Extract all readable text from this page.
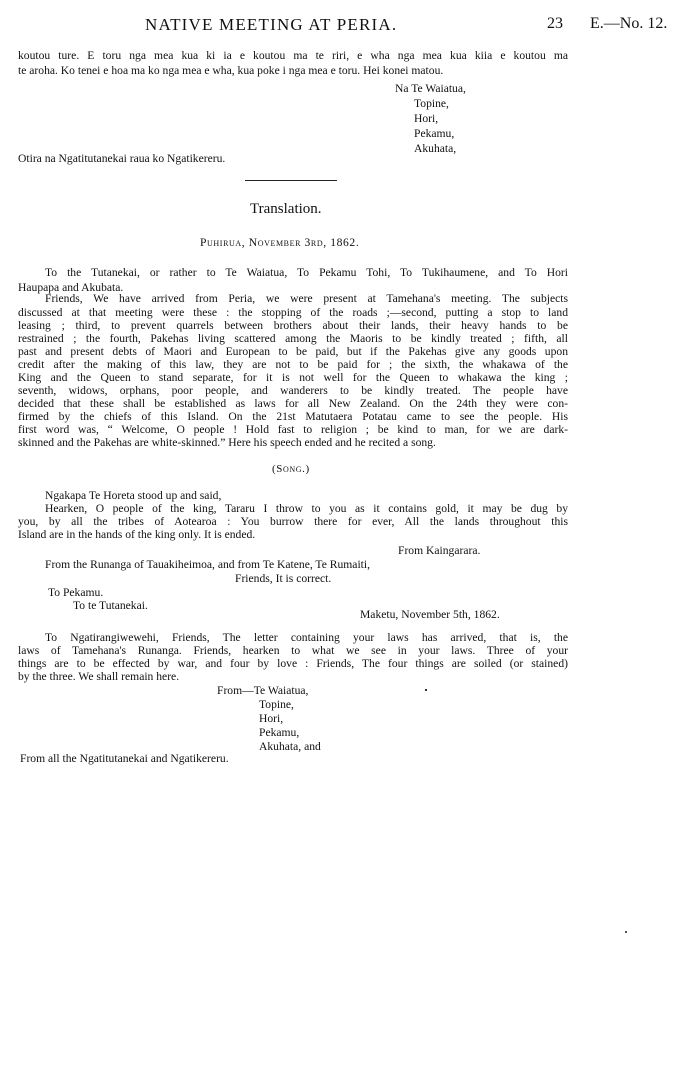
NATIVE MEETING AT PERIA.	23 E.—No. 12.
koutou ture. E toru nga mea kua ki ia e koutou ma te riri, e wha nga mea kua kiia e koutou ma
te aroha. Ko tenei e hoa ma ko nga mea e wha, kua poke i nga mea e toru. Hei konei matou.
Na Te Waiatua,
Topine,
Hori,
Pekamu,
Akuhata,
Otira na Ngatitutanekai raua ko Ngatikereru.
Translation.
Puhirua, November 3rd, 1862.
To the Tutanekai, or rather to Te Waiatua, To Pekamu Tohi, To Tukihaumene, and To Hori
Haupapa and Akubata.
Friends, We have arrived from Peria, we were present at Tamehana's meeting. The subjects
discussed at that meeting were these : the stopping of the roads ;—second, putting a stop to land
leasing ; third, to prevent quarrels between brothers about their lands, their heavy hands to be
restrained ; the fourth, Pakehas living scattered among the Maoris to be kindly treated ; fifth, all
past and present debts of Maori and European to be paid, but if the Pakehas give any goods upon
credit after the making of this law, they are not to be paid for ; the sixth, the whakawa of the
King and the Queen to stand separate, for it is not well for the Queen to whakawa the king ;
seventh, widows, orphans, poor people, and wanderers to be kindly treated. The people have
decided that these shall be established as laws for all New Zealand. On the 24th they were con-
firmed by the chiefs of this Island. On the 21st Matutaera Potatau came to see the people. His
first word was, “ Welcome, O people ! Hold fast to religion ; be kind to man, for we are dark-
skinned and the Pakehas are white-skinned.” Here his speech ended and he recited a song.
(Song.)
Ngakapa Te Horeta stood up and said,
Hearken, O people of the king, Tararu I throw to you as it contains gold, it may be dug by
you, by all the tribes of Aotearoa : You burrow there for ever, All the lands throughout this
Island are in the hands of the king only. It is ended.
From Kaingarara.
From the Runanga of Tauakiheimoa, and from Te Katene, Te Rumaiti,
Friends, It is correct.
To Pekamu.
To te Tutanekai.
Maketu, November 5th, 1862.
To Ngatirangiwewehi, Friends, The letter containing your laws has arrived, that is, the
laws of Tamehana's Runanga. Friends, hearken to what we see in your laws. Three of your
things are to be effected by war, and four by love : Friends, The four things are soiled (or stained)
by the three. We shall remain here.
From—Te Waiatua,
Topine,
Hori,
Pekamu,
Akuhata, and
From all the Ngatitutanekai and Ngatikereru.
